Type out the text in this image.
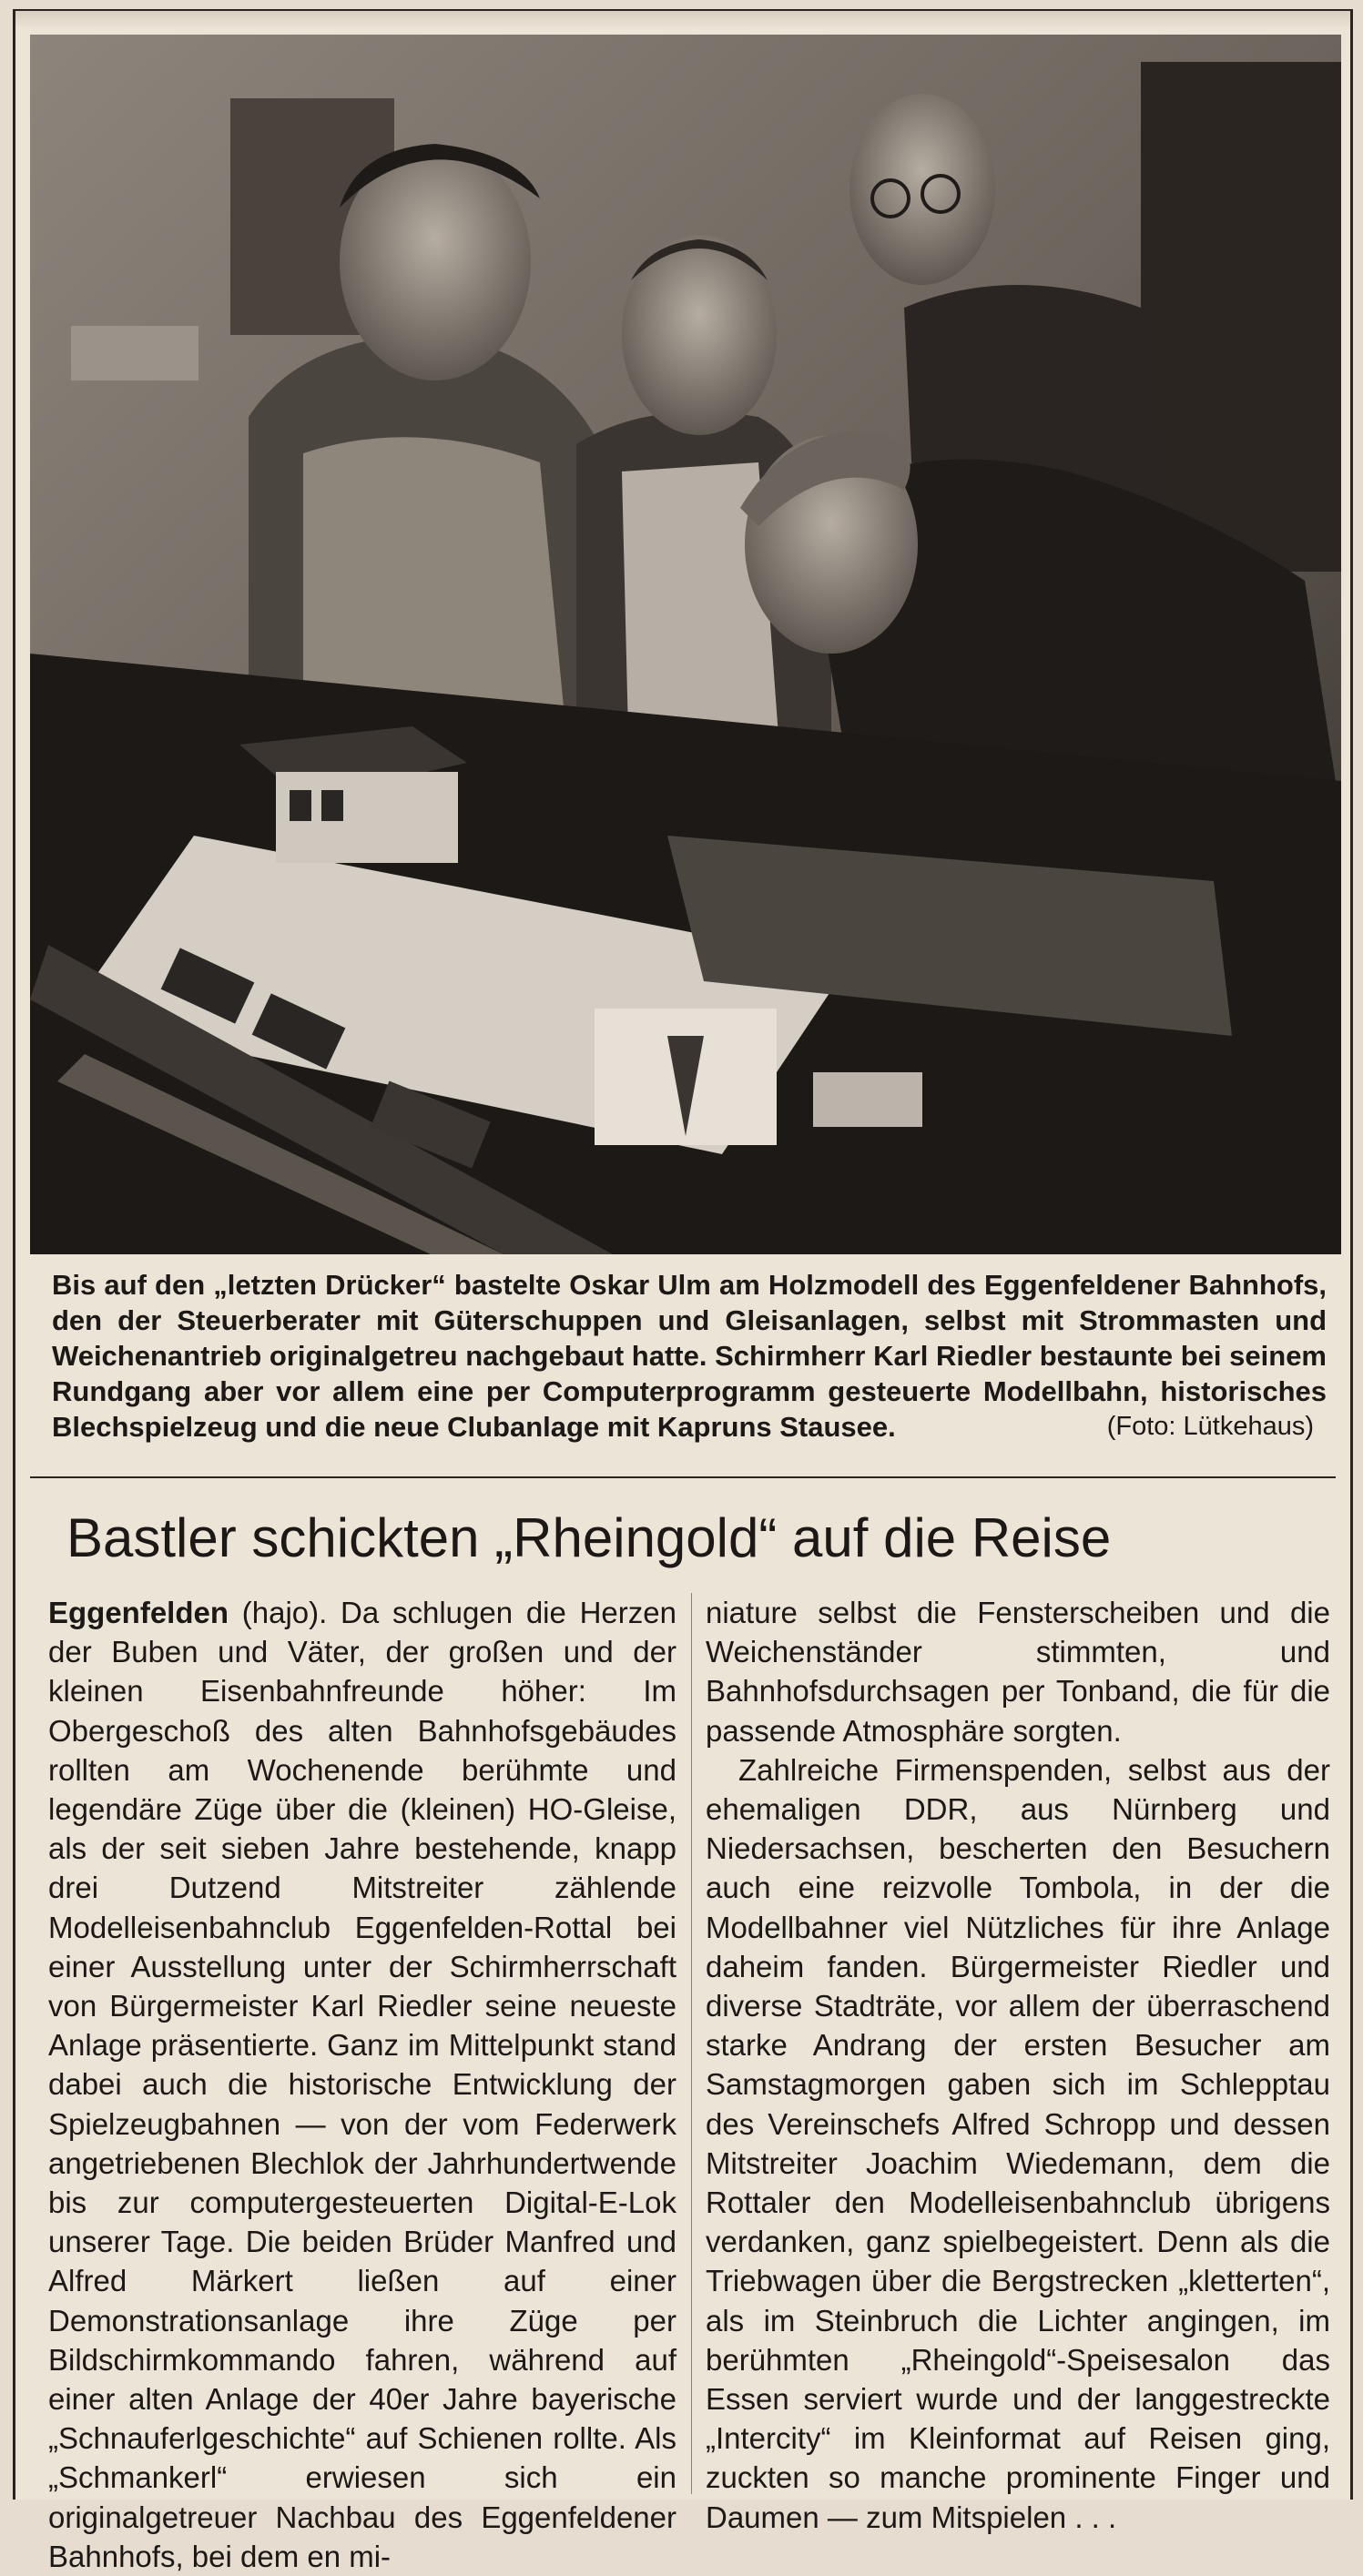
Bis auf den „letzten Drücker“ bastelte Oskar Ulm am Holzmodell des Eggenfeldener Bahnhofs, den der Steuerberater mit Güterschuppen und Gleisanlagen, selbst mit Strommasten und Weichenantrieb originalgetreu nachgebaut hatte. Schirmherr Karl Riedler bestaunte bei seinem Rundgang aber vor allem eine per Computerprogramm gesteuerte Modellbahn, historisches Blechspielzeug und die neue Clubanlage mit Kapruns Stausee.	(Foto: Lütkehaus)
Bastler schickten „Rheingold“ auf die Reise

Eggenfelden (hajo). Da schlugen die Herzen der Buben und Väter, der großen und der kleinen Eisenbahnfreunde höher: Im Obergeschoß des alten Bahnhofsgebäudes rollten am Wochenende berühmte und legendäre Züge über die (kleinen) HO-Gleise, als der seit sieben Jahre bestehende, knapp drei Dutzend Mitstreiter zählende Modelleisenbahnclub Eggenfelden-Rottal bei einer Ausstellung unter der Schirmherrschaft von Bürgermeister Karl Riedler seine neueste Anlage präsentierte. Ganz im Mittelpunkt stand dabei auch die historische Entwicklung der Spielzeugbahnen — von der vom Federwerk angetriebenen Blechlok der Jahrhundertwende bis zur computergesteuerten Digital-E-Lok unserer Tage. Die beiden Brüder Manfred und Alfred Märkert ließen auf einer Demonstrationsanlage ihre Züge per Bildschirmkommando fahren, während auf einer alten Anlage der 40er Jahre bayerische „Schnauferlgeschichte“ auf Schienen rollte. Als „Schmankerl“ erwiesen sich ein originalgetreuer Nachbau des Eggenfeldener Bahnhofs, bei dem en mi-

niature selbst die Fensterscheiben und die Weichenständer stimmten, und Bahnhofsdurchsagen per Tonband, die für die passende Atmosphäre sorgten.

Zahlreiche Firmenspenden, selbst aus der ehemaligen DDR, aus Nürnberg und Niedersachsen, bescherten den Besuchern auch eine reizvolle Tombola, in der die Modellbahner viel Nützliches für ihre Anlage daheim fanden. Bürgermeister Riedler und diverse Stadträte, vor allem der überraschend starke Andrang der ersten Besucher am Samstagmorgen gaben sich im Schlepptau des Vereinschefs Alfred Schropp und dessen Mitstreiter Joachim Wiedemann, dem die Rottaler den Modelleisenbahnclub übrigens verdanken, ganz spielbegeistert. Denn als die Triebwagen über die Bergstrecken „kletterten“, als im Steinbruch die Lichter angingen, im berühmten „Rheingold“-Speisesalon das Essen serviert wurde und der langgestreckte „Intercity“ im Kleinformat auf Reisen ging, zuckten so manche prominente Finger und Daumen — zum Mitspielen . . .
